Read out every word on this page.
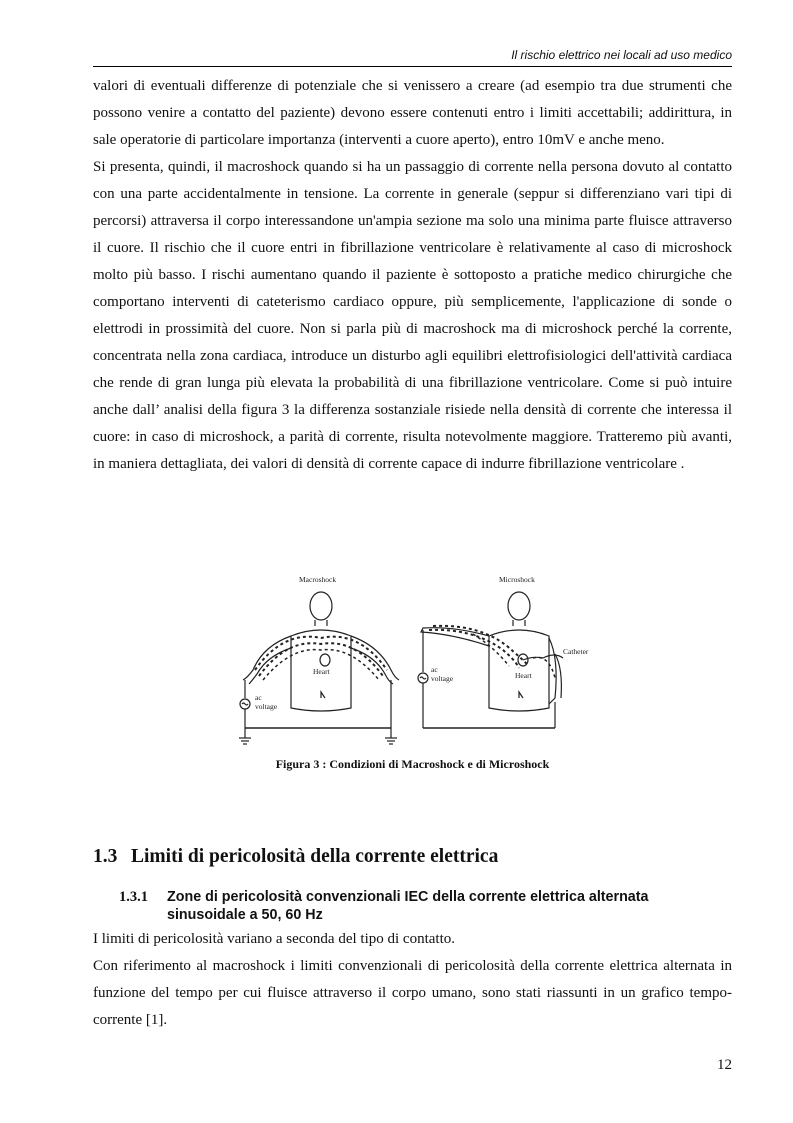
Il rischio elettrico nei locali ad uso medico

valori di eventuali differenze di potenziale che si venissero a creare (ad esempio tra due strumenti che possono venire a contatto del paziente) devono essere contenuti entro i limiti accettabili; addirittura, in sale operatorie di particolare importanza (interventi a cuore aperto), entro 10mV e anche meno.

Si presenta, quindi, il macroshock quando si ha un passaggio di corrente nella persona dovuto al contatto con una parte accidentalmente in tensione. La corrente in generale (seppur si differenziano vari tipi di percorsi) attraversa il corpo interessandone un'ampia sezione ma solo una minima parte fluisce attraverso il cuore. Il rischio che il cuore entri in fibrillazione ventricolare è relativamente al caso di microshock molto più basso. I rischi aumentano quando il paziente è sottoposto a pratiche medico chirurgiche che comportano interventi di cateterismo cardiaco oppure, più semplicemente, l'applicazione di sonde o elettrodi in prossimità del cuore. Non si parla più di macroshock ma di microshock perché la corrente, concentrata nella zona cardiaca, introduce un disturbo agli equilibri elettrofisiologici dell'attività cardiaca che rende di gran lunga più elevata la probabilità di una fibrillazione ventricolare. Come si può intuire anche dall’ analisi della figura 3 la differenza sostanziale risiede nella densità di corrente che interessa il cuore: in caso di microshock, a parità di corrente, risulta notevolmente maggiore. Tratteremo più avanti, in maniera dettagliata, dei valori di densità di corrente capace di indurre fibrillazione ventricolare .

Macroshock	Microshock
Heart	Heart
Catheter
ac
voltage
ac
voltage
Figura 3 : Condizioni di Macroshock e di Microshock
1.3 Limiti di pericolosità della corrente elettrica
1.3.1 Zone di pericolosità convenzionali IEC della corrente elettrica alternata sinusoidale a 50, 60 Hz

I limiti di pericolosità variano a seconda del tipo di contatto.

Con riferimento al macroshock i limiti convenzionali di pericolosità della corrente elettrica alternata in funzione del tempo per cui fluisce attraverso il corpo umano, sono stati riassunti in un grafico tempo-corrente [1].

12
